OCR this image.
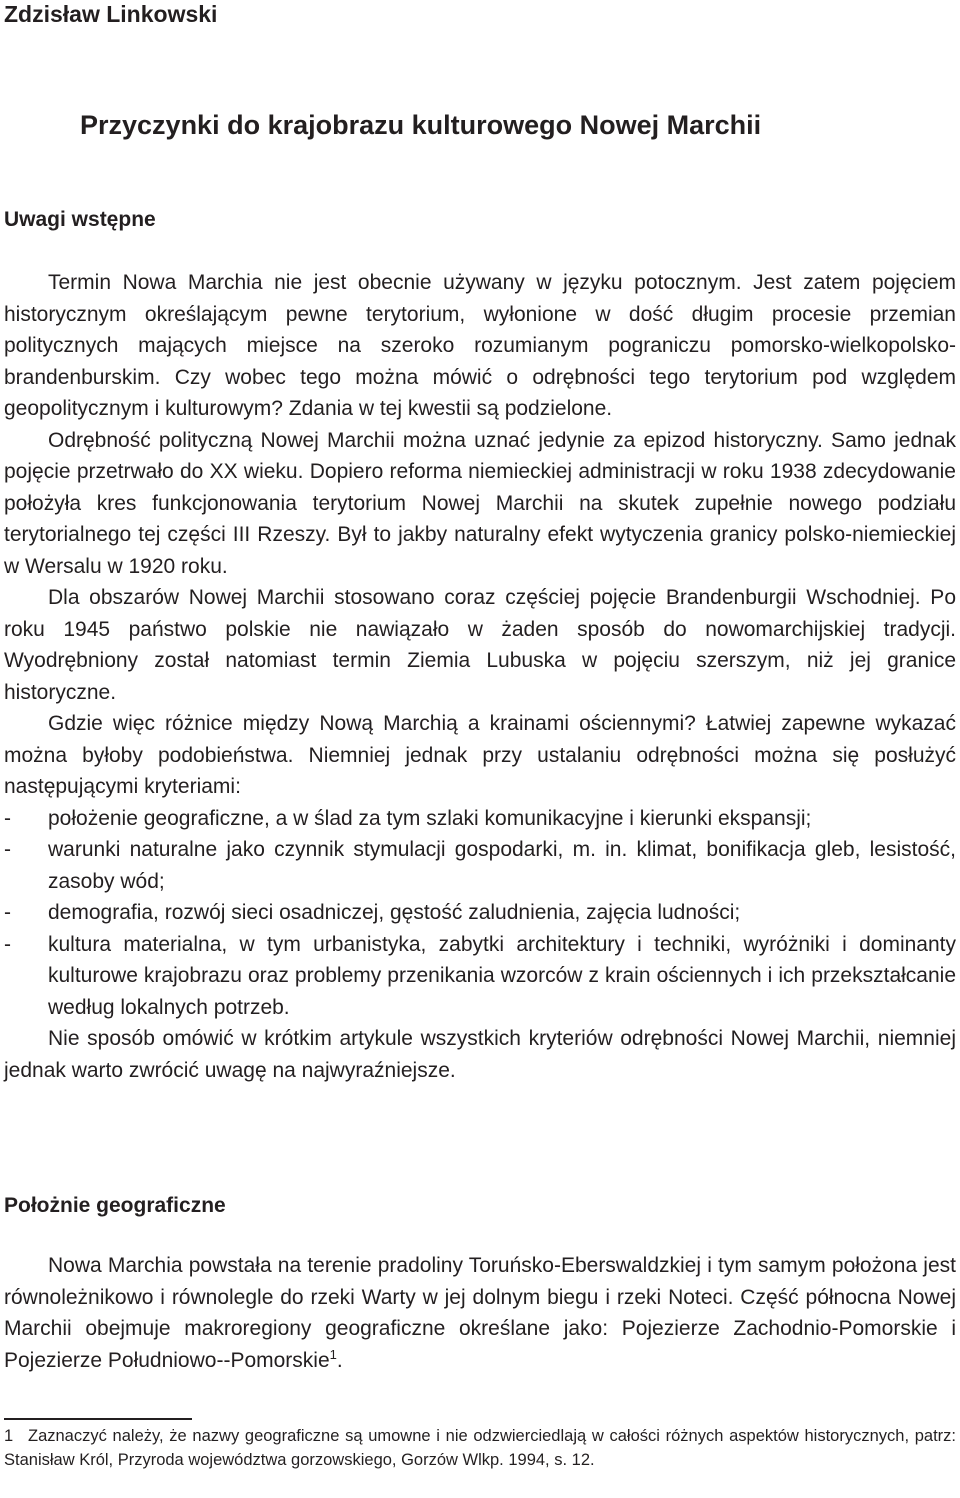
Zdzisław Linkowski
Przyczynki do krajobrazu kulturowego Nowej Marchii
Uwagi wstępne

Termin Nowa Marchia nie jest obecnie używany w języku potocznym. Jest zatem pojęciem historycznym określającym pewne terytorium, wyłonione w dość długim procesie przemian politycznych mających miejsce na szeroko rozumianym pograniczu pomorsko-wielkopolsko-brandenburskim. Czy wobec tego można mówić o odrębności tego terytorium pod względem geopolitycznym i kulturowym? Zdania w tej kwestii są podzielone.

Odrębność polityczną Nowej Marchii można uznać jedynie za epizod historyczny. Samo jednak pojęcie przetrwało do XX wieku. Dopiero reforma niemieckiej administracji w roku 1938 zdecydowanie położyła kres funkcjonowania terytorium Nowej Marchii na skutek zupełnie nowego podziału terytorialnego tej części III Rzeszy. Był to jakby naturalny efekt wytyczenia granicy polsko-niemieckiej w Wersalu w 1920 roku.

Dla obszarów Nowej Marchii stosowano coraz częściej pojęcie Brandenburgii Wschodniej. Po roku 1945 państwo polskie nie nawiązało w żaden sposób do nowomarchijskiej tradycji. Wyodrębniony został natomiast termin Ziemia Lubuska w pojęciu szerszym, niż jej granice historyczne.

Gdzie więc różnice między Nową Marchią a krainami ościennymi? Łatwiej zapewne wykazać można byłoby podobieństwa. Niemniej jednak przy ustalaniu odrębności można się posłużyć następującymi kryteriami:

- położenie geograficzne, a w ślad za tym szlaki komunikacyjne i kierunki ekspansji;
- warunki naturalne jako czynnik stymulacji gospodarki, m. in. klimat, bonifikacja gleb, lesistość, zasoby wód;
- demografia, rozwój sieci osadniczej, gęstość zaludnienia, zajęcia ludności;
- kultura materialna, w tym urbanistyka, zabytki architektury i techniki, wyróżniki i dominanty kulturowe krajobrazu oraz problemy przenikania wzorców z krain ościennych i ich przekształcanie według lokalnych potrzeb.

Nie sposób omówić w krótkim artykule wszystkich kryteriów odrębności Nowej Marchii, niemniej jednak warto zwrócić uwagę na najwyraźniejsze.

Położnie geograficzne

Nowa Marchia powstała na terenie pradoliny Toruńsko-Eberswaldzkiej i tym samym położona jest równoleżnikowo i równolegle do rzeki Warty w jej dolnym biegu i rzeki Noteci. Część północna Nowej Marchii obejmuje makroregiony geograficzne określane jako: Pojezierze Zachodnio-Pomorskie i Pojezierze Południowo--Pomorskie$^1$.

1 Zaznaczyć należy, że nazwy geograficzne są umowne i nie odzwierciedlają w całości różnych aspektów historycznych, patrz: Stanisław Król, Przyroda województwa gorzowskiego, Gorzów Wlkp. 1994, s. 12.
